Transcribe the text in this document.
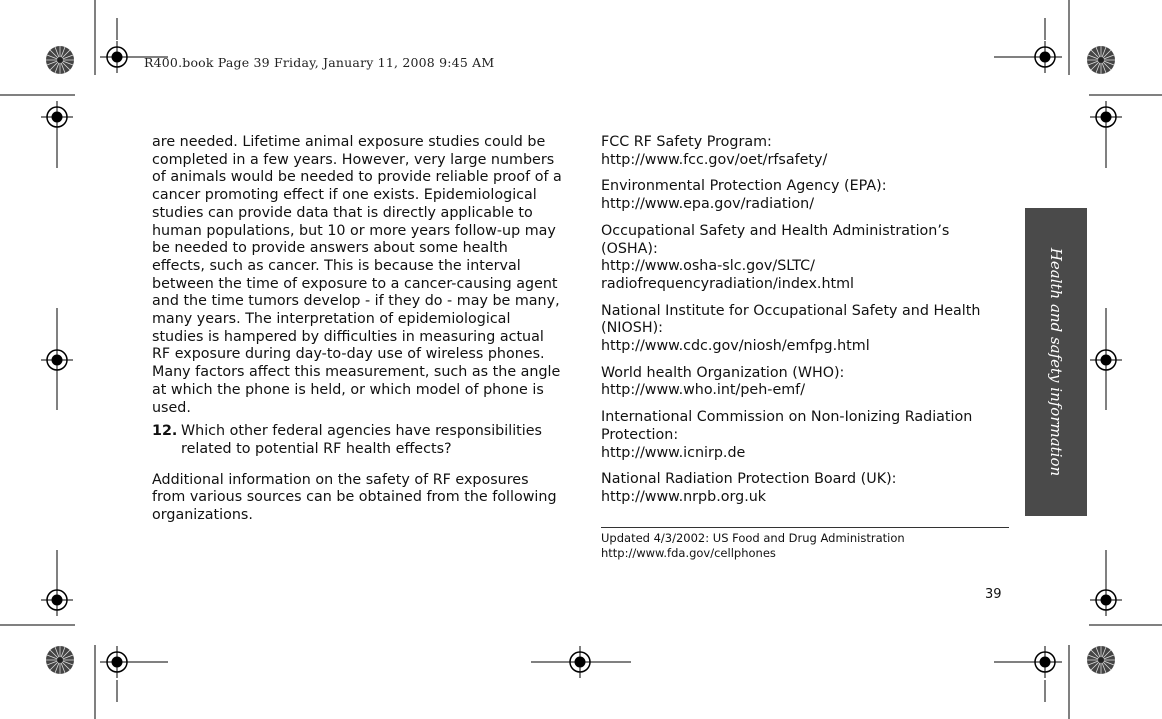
R400.book Page 39 Friday, January 11, 2008 9:45 AM

are needed. Lifetime animal exposure studies could be completed in a few years. However, very large numbers of animals would be needed to provide reliable proof of a cancer promoting effect if one exists. Epidemiological studies can provide data that is directly applicable to human populations, but 10 or more years follow-up may be needed to provide answers about some health effects, such as cancer. This is because the interval between the time of exposure to a cancer-causing agent and the time tumors develop - if they do - may be many, many years. The interpretation of epidemiological studies is hampered by difficulties in measuring actual RF exposure during day-to-day use of wireless phones. Many factors affect this measurement, such as the angle at which the phone is held, or which model of phone is used.

12. Which other federal agencies have responsibilities related to potential RF health effects?

Additional information on the safety of RF exposures from various sources can be obtained from the following organizations.

FCC RF Safety Program:
http://www.fcc.gov/oet/rfsafety/
Environmental Protection Agency (EPA):
http://www.epa.gov/radiation/
Occupational Safety and Health Administration’s (OSHA):
http://www.osha-slc.gov/SLTC/ radiofrequencyradiation/index.html
National Institute for Occupational Safety and Health (NIOSH):
http://www.cdc.gov/niosh/emfpg.html
World health Organization (WHO):
http://www.who.int/peh-emf/
International Commission on Non-Ionizing Radiation Protection:
http://www.icnirp.de
National Radiation Protection Board (UK):
http://www.nrpb.org.uk
Updated 4/3/2002: US Food and Drug Administration
http://www.fda.gov/cellphones
39
Health and safety information
